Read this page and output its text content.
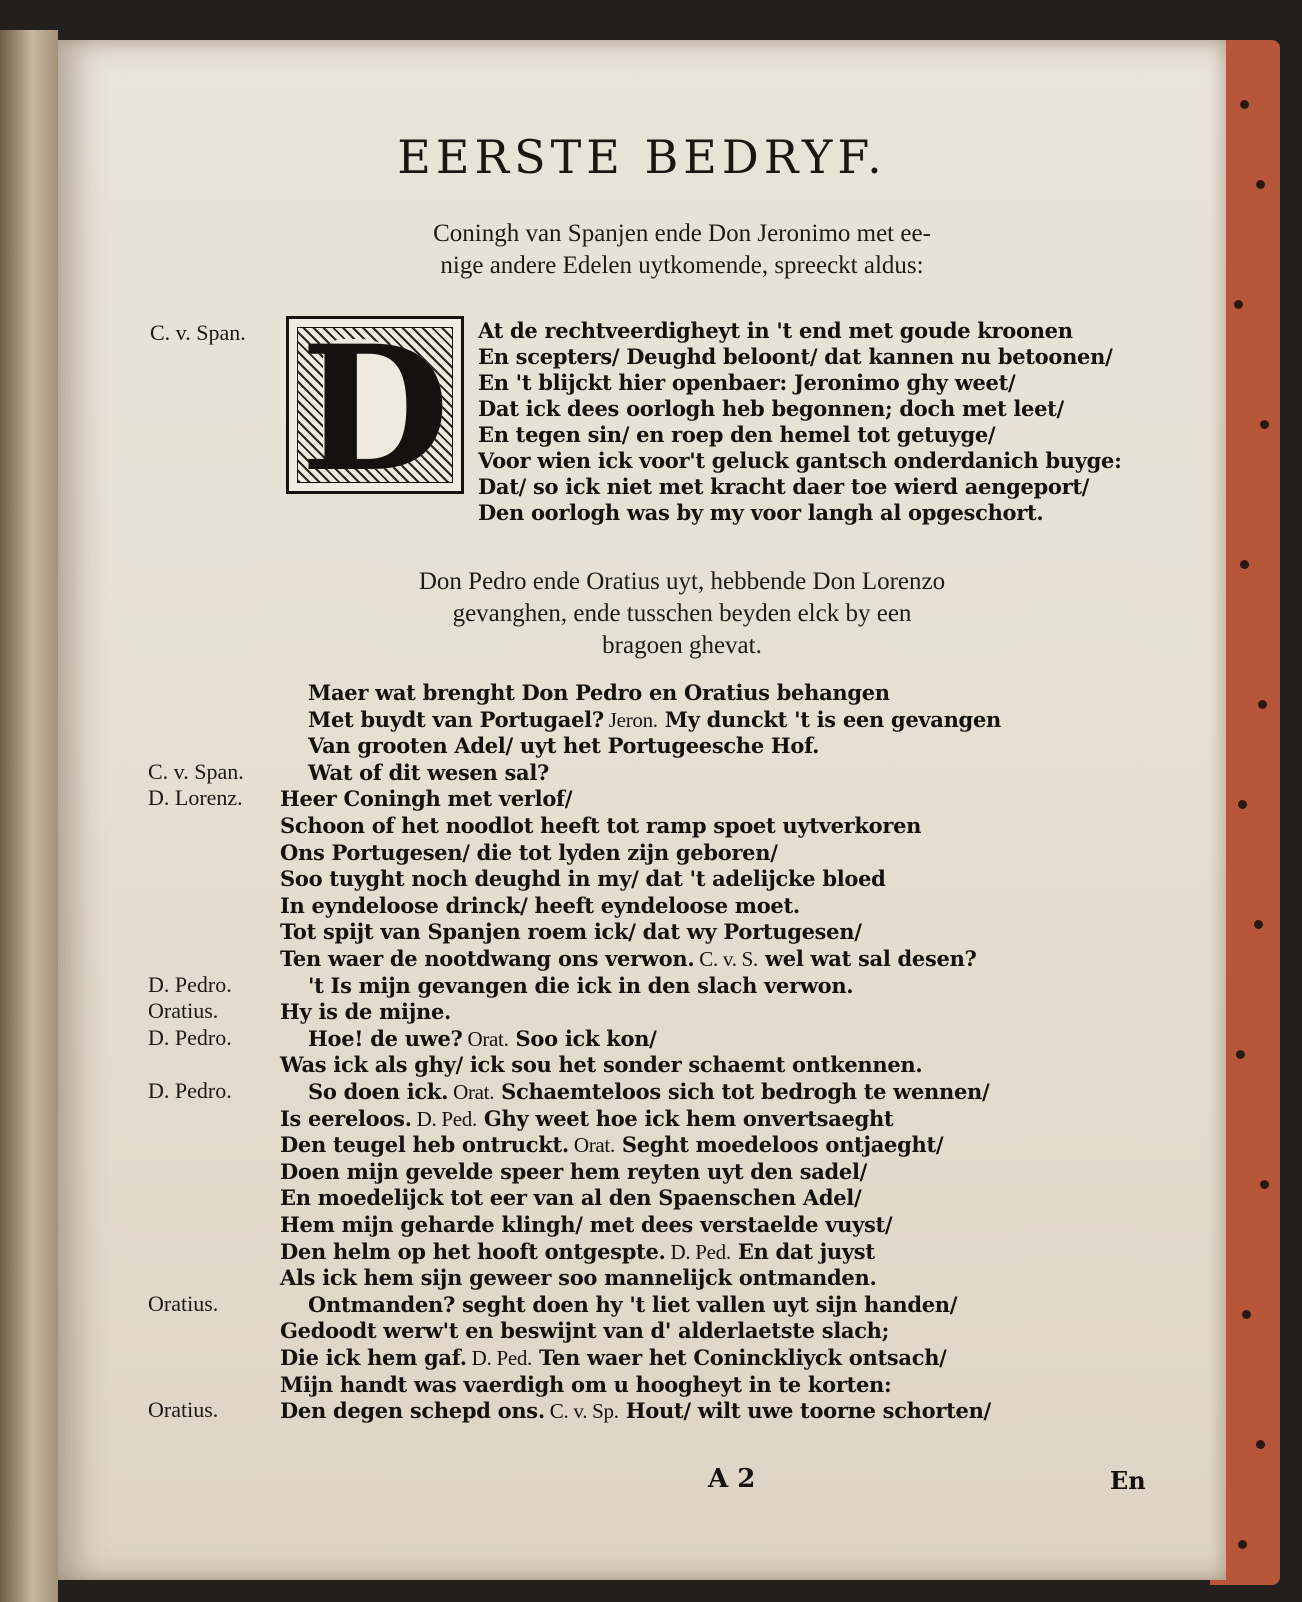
EERSTE BEDRYF.
Coningh van Spanjen ende Don Jeronimo met ee-
nige andere Edelen uytkomende, spreeckt aldus:
C. v. Span. D	At de rechtveerdigheyt in 't end met goude kroonen
En scepters/ Deughd beloont/ dat kannen nu betoonen/
En 't blijckt hier openbaer: Jeronimo ghy weet/
Dat ick dees oorlogh heb begonnen; doch met leet/
En tegen sin/ en roep den hemel tot getuyge/
Voor wien ick voor't geluck gantsch onderdanich buyge:
Dat/ so ick niet met kracht daer toe wierd aengeport/
Den oorlogh was by my voor langh al opgeschort.
Don Pedro ende Oratius uyt, hebbende Don Lorenzo
gevanghen, ende tusschen beyden elck by een
bragoen ghevat.
Maer wat brenght Don Pedro en Oratius behangen
Met buydt van Portugael? Jeron. My dunckt 't is een gevangen
Van grooten Adel/ uyt het Portugeesche Hof.
C. v. Span.	Wat of dit wesen sal?
D. Lorenz. Heer Coningh met verlof/
Schoon of het noodlot heeft tot ramp spoet uytverkoren
Ons Portugesen/ die tot lyden zijn geboren/
Soo tuyght noch deughd in my/ dat 't adelijcke bloed
In eyndeloose drinck/ heeft eyndeloose moet.
Tot spijt van Spanjen roem ick/ dat wy Portugesen/
Ten waer de nootdwang ons verwon. C. v. S. wel wat sal desen?
D. Pedro.	't Is mijn gevangen die ick in den slach verwon.
Oratius.	Hy is de mijne.
D. Pedro.	Hoe! de uwe? Orat. Soo ick kon/
Was ick als ghy/ ick sou het sonder schaemt ontkennen.
D. Pedro.	So doen ick. Orat. Schaemteloos sich tot bedrogh te wennen/
Is eereloos. D. Ped. Ghy weet hoe ick hem onvertsaeght
Den teugel heb ontruckt. Orat. Seght moedeloos ontjaeght/
Doen mijn gevelde speer hem reyten uyt den sadel/
En moedelijck tot eer van al den Spaenschen Adel/
Hem mijn geharde klingh/ met dees verstaelde vuyst/
Den helm op het hooft ontgespte. D. Ped. En dat juyst
Als ick hem sijn geweer soo mannelijck ontmanden.
Oratius.	Ontmanden? seght doen hy 't liet vallen uyt sijn handen/
Gedoodt werw't en beswijnt van d' alderlaetste slach;
Die ick hem gaf. D. Ped. Ten waer het Coninckliyck ontsach/
Mijn handt was vaerdigh om u hoogheyt in te korten:
Oratius.	Den degen schepd ons. C. v. Sp. Hout/ wilt uwe toorne schorten/
A 2	En
